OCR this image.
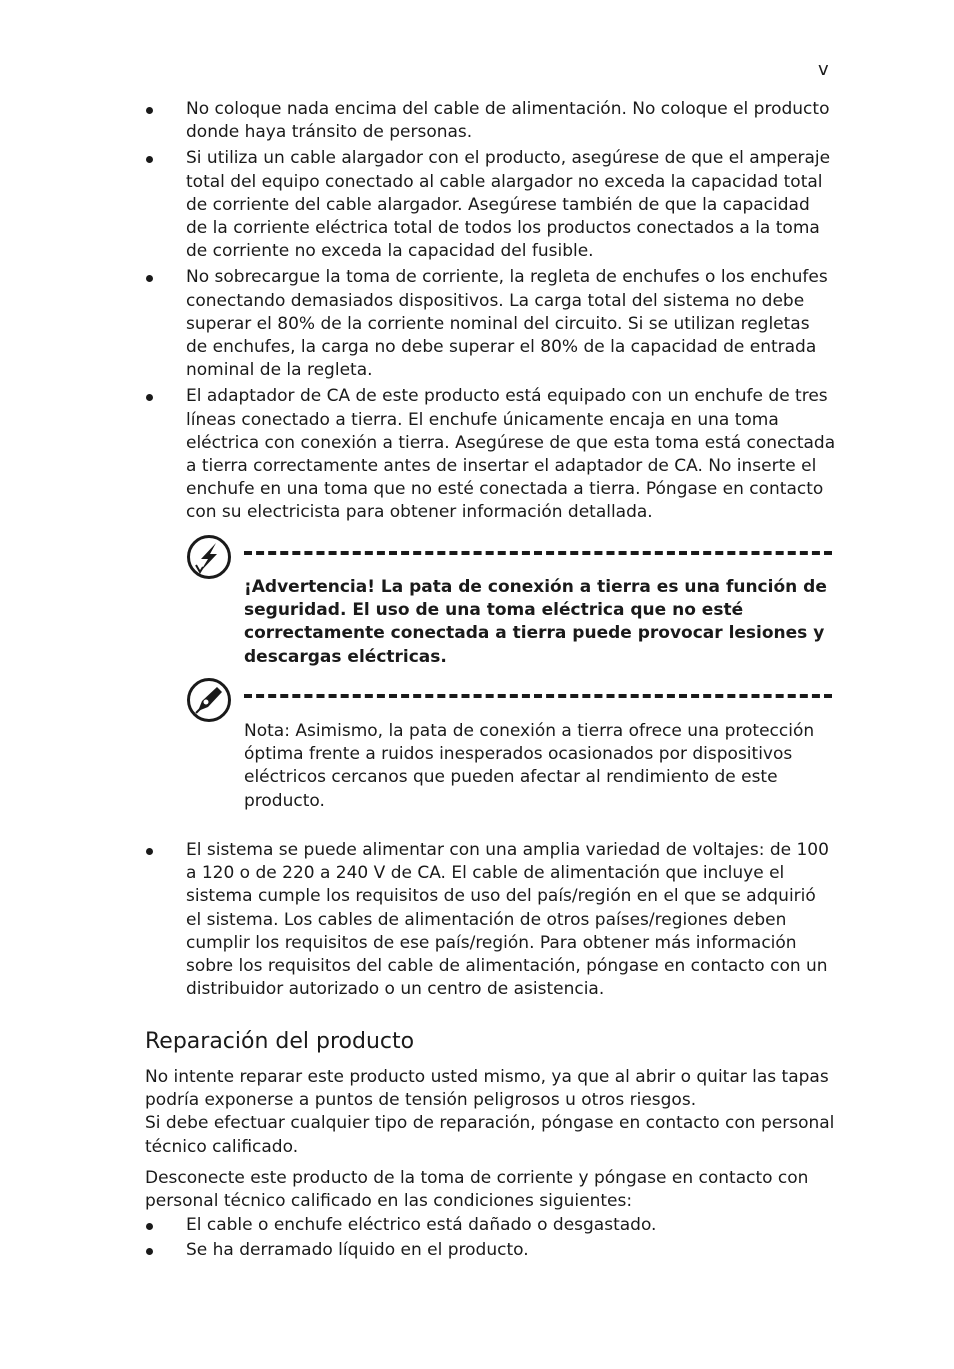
v
No coloque nada encima del cable de alimentación. No coloque el producto donde haya tránsito de personas.
Si utiliza un cable alargador con el producto, asegúrese de que el amperaje total del equipo conectado al cable alargador no exceda la capacidad total de corriente del cable alargador. Asegúrese también de que la capacidad de la corriente eléctrica total de todos los productos conectados a la toma de corriente no exceda la capacidad del fusible.
No sobrecargue la toma de corriente, la regleta de enchufes o los enchufes conectando demasiados dispositivos. La carga total del sistema no debe superar el 80% de la corriente nominal del circuito. Si se utilizan regletas de enchufes, la carga no debe superar el 80% de la capacidad de entrada nominal de la regleta.
El adaptador de CA de este producto está equipado con un enchufe de tres líneas conectado a tierra. El enchufe únicamente encaja en una toma eléctrica con conexión a tierra. Asegúrese de que esta toma está conectada a tierra correctamente antes de insertar el adaptador de CA. No inserte el enchufe en una toma que no esté conectada a tierra. Póngase en contacto con su electricista para obtener información detallada.
¡Advertencia! La pata de conexión a tierra es una función de seguridad. El uso de una toma eléctrica que no esté correctamente conectada a tierra puede provocar lesiones y descargas eléctricas.
Nota: Asimismo, la pata de conexión a tierra ofrece una protección óptima frente a ruidos inesperados ocasionados por dispositivos eléctricos cercanos que pueden afectar al rendimiento de este producto.
El sistema se puede alimentar con una amplia variedad de voltajes: de 100 a 120 o de 220 a 240 V de CA. El cable de alimentación que incluye el sistema cumple los requisitos de uso del país/región en el que se adquirió el sistema. Los cables de alimentación de otros países/regiones deben cumplir los requisitos de ese país/región. Para obtener más información sobre los requisitos del cable de alimentación, póngase en contacto con un distribuidor autorizado o un centro de asistencia.
Reparación del producto
No intente reparar este producto usted mismo, ya que al abrir o quitar las tapas podría exponerse a puntos de tensión peligrosos u otros riesgos.
Si debe efectuar cualquier tipo de reparación, póngase en contacto con personal técnico calificado.
Desconecte este producto de la toma de corriente y póngase en contacto con personal técnico calificado en las condiciones siguientes:
El cable o enchufe eléctrico está dañado o desgastado.
Se ha derramado líquido en el producto.
